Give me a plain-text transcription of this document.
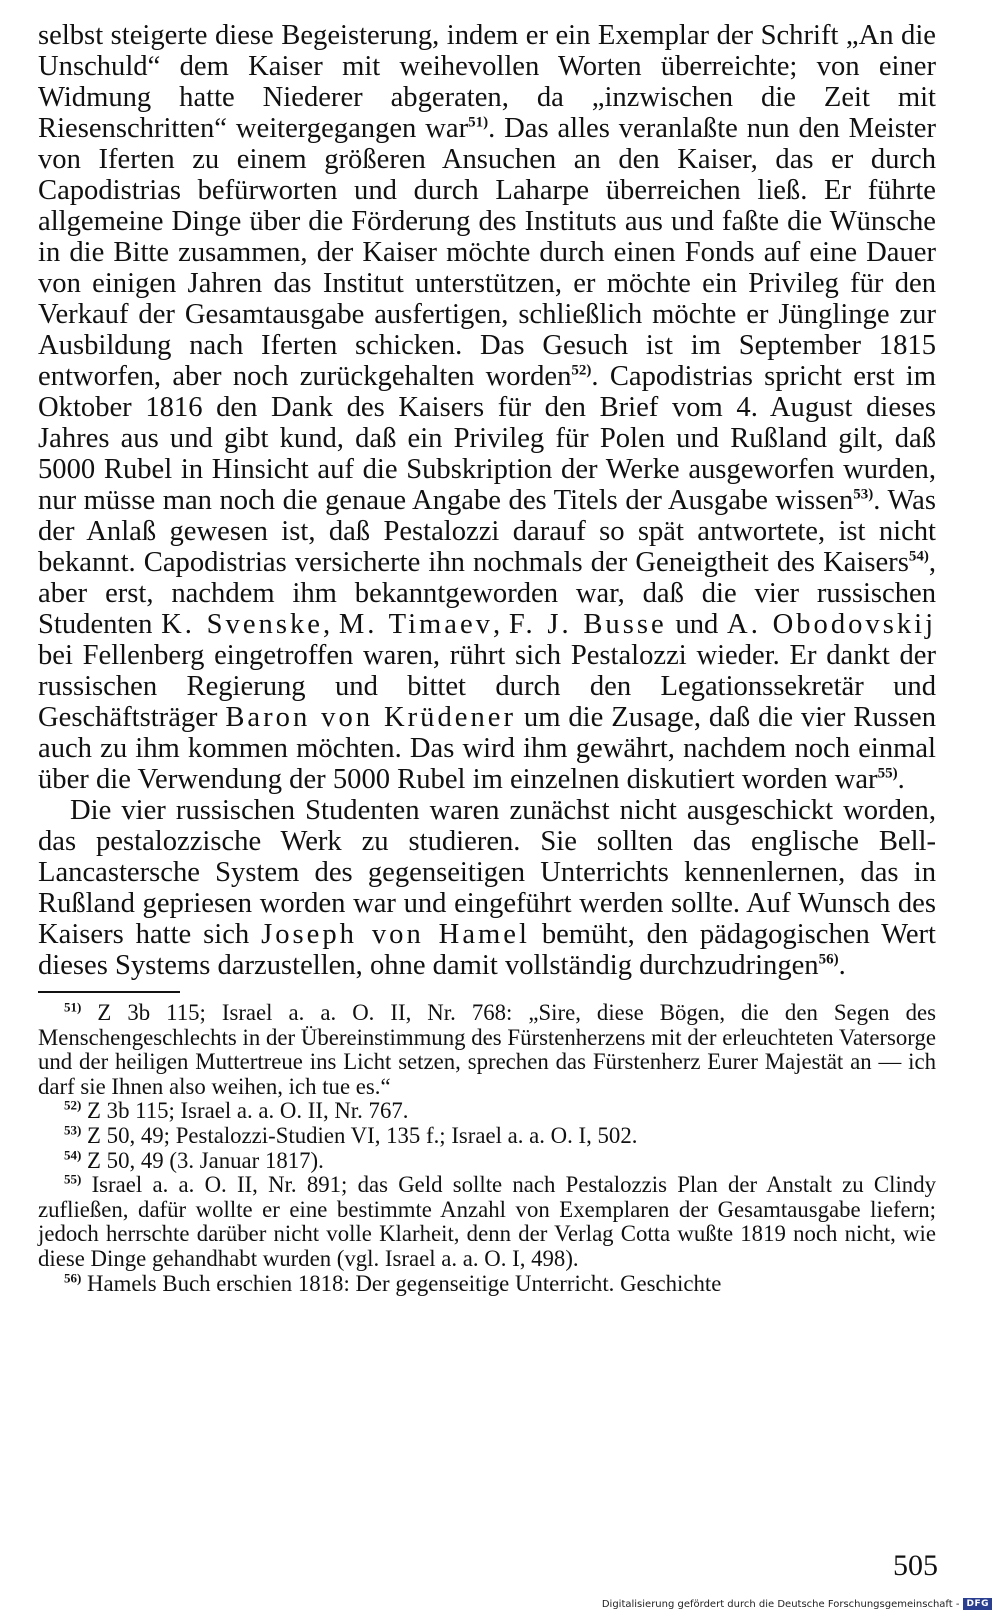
selbst steigerte diese Begeisterung, indem er ein Exemplar der Schrift „An die Unschuld“ dem Kaiser mit weihevollen Worten überreichte; von einer Widmung hatte Niederer abgeraten, da „inzwischen die Zeit mit Riesenschritten“ weitergegangen war$^{51)}$. Das alles veranlaßte nun den Meister von Iferten zu einem größeren Ansuchen an den Kaiser, das er durch Capodistrias befürworten und durch Laharpe überreichen ließ. Er führte allgemeine Dinge über die Förderung des Instituts aus und faßte die Wünsche in die Bitte zusammen, der Kaiser möchte durch einen Fonds auf eine Dauer von einigen Jahren das Institut unterstützen, er möchte ein Privileg für den Verkauf der Gesamtausgabe ausfertigen, schließlich möchte er Jünglinge zur Ausbildung nach Iferten schicken. Das Gesuch ist im September 1815 entworfen, aber noch zurückgehalten worden$^{52)}$. Capodistrias spricht erst im Oktober 1816 den Dank des Kaisers für den Brief vom 4. August dieses Jahres aus und gibt kund, daß ein Privileg für Polen und Rußland gilt, daß 5000 Rubel in Hinsicht auf die Subskription der Werke ausgeworfen wurden, nur müsse man noch die genaue Angabe des Titels der Ausgabe wissen$^{53)}$. Was der Anlaß gewesen ist, daß Pestalozzi darauf so spät antwortete, ist nicht bekannt. Capodistrias versicherte ihn nochmals der Geneigtheit des Kaisers$^{54)}$, aber erst, nachdem ihm bekanntgeworden war, daß die vier russischen Studenten K. Svenske, M. Timaev, F. J. Busse und A. Obodovskij bei Fellenberg eingetroffen waren, rührt sich Pestalozzi wieder. Er dankt der russischen Regierung und bittet durch den Legationssekretär und Geschäftsträger Baron von Krüdener um die Zusage, daß die vier Russen auch zu ihm kommen möchten. Das wird ihm gewährt, nachdem noch einmal über die Verwendung der 5000 Rubel im einzelnen diskutiert worden war$^{55)}$.

Die vier russischen Studenten waren zunächst nicht ausgeschickt worden, das pestalozzische Werk zu studieren. Sie sollten das englische Bell-Lancastersche System des gegenseitigen Unterrichts kennenlernen, das in Rußland gepriesen worden war und eingeführt werden sollte. Auf Wunsch des Kaisers hatte sich Joseph von Hamel bemüht, den pädagogischen Wert dieses Systems darzustellen, ohne damit vollständig durchzudringen$^{56)}$.

$^{51)}$ Z 3b 115; Israel a. a. O. II, Nr. 768: „Sire, diese Bögen, die den Segen des Menschengeschlechts in der Übereinstimmung des Fürstenherzens mit der erleuchteten Vatersorge und der heiligen Muttertreue ins Licht setzen, sprechen das Fürstenherz Eurer Majestät an — ich darf sie Ihnen also weihen, ich tue es.“

$^{52)}$ Z 3b 115; Israel a. a. O. II, Nr. 767.

$^{53)}$ Z 50, 49; Pestalozzi-Studien VI, 135 f.; Israel a. a. O. I, 502.

$^{54)}$ Z 50, 49 (3. Januar 1817).

$^{55)}$ Israel a. a. O. II, Nr. 891; das Geld sollte nach Pestalozzis Plan der Anstalt zu Clindy zufließen, dafür wollte er eine bestimmte Anzahl von Exemplaren der Gesamtausgabe liefern; jedoch herrschte darüber nicht volle Klarheit, denn der Verlag Cotta wußte 1819 noch nicht, wie diese Dinge gehandhabt wurden (vgl. Israel a. a. O. I, 498).

$^{56)}$ Hamels Buch erschien 1818: Der gegenseitige Unterricht. Geschichte

505
Digitalisierung gefördert durch die Deutsche Forschungsgemeinschaft - DFG
